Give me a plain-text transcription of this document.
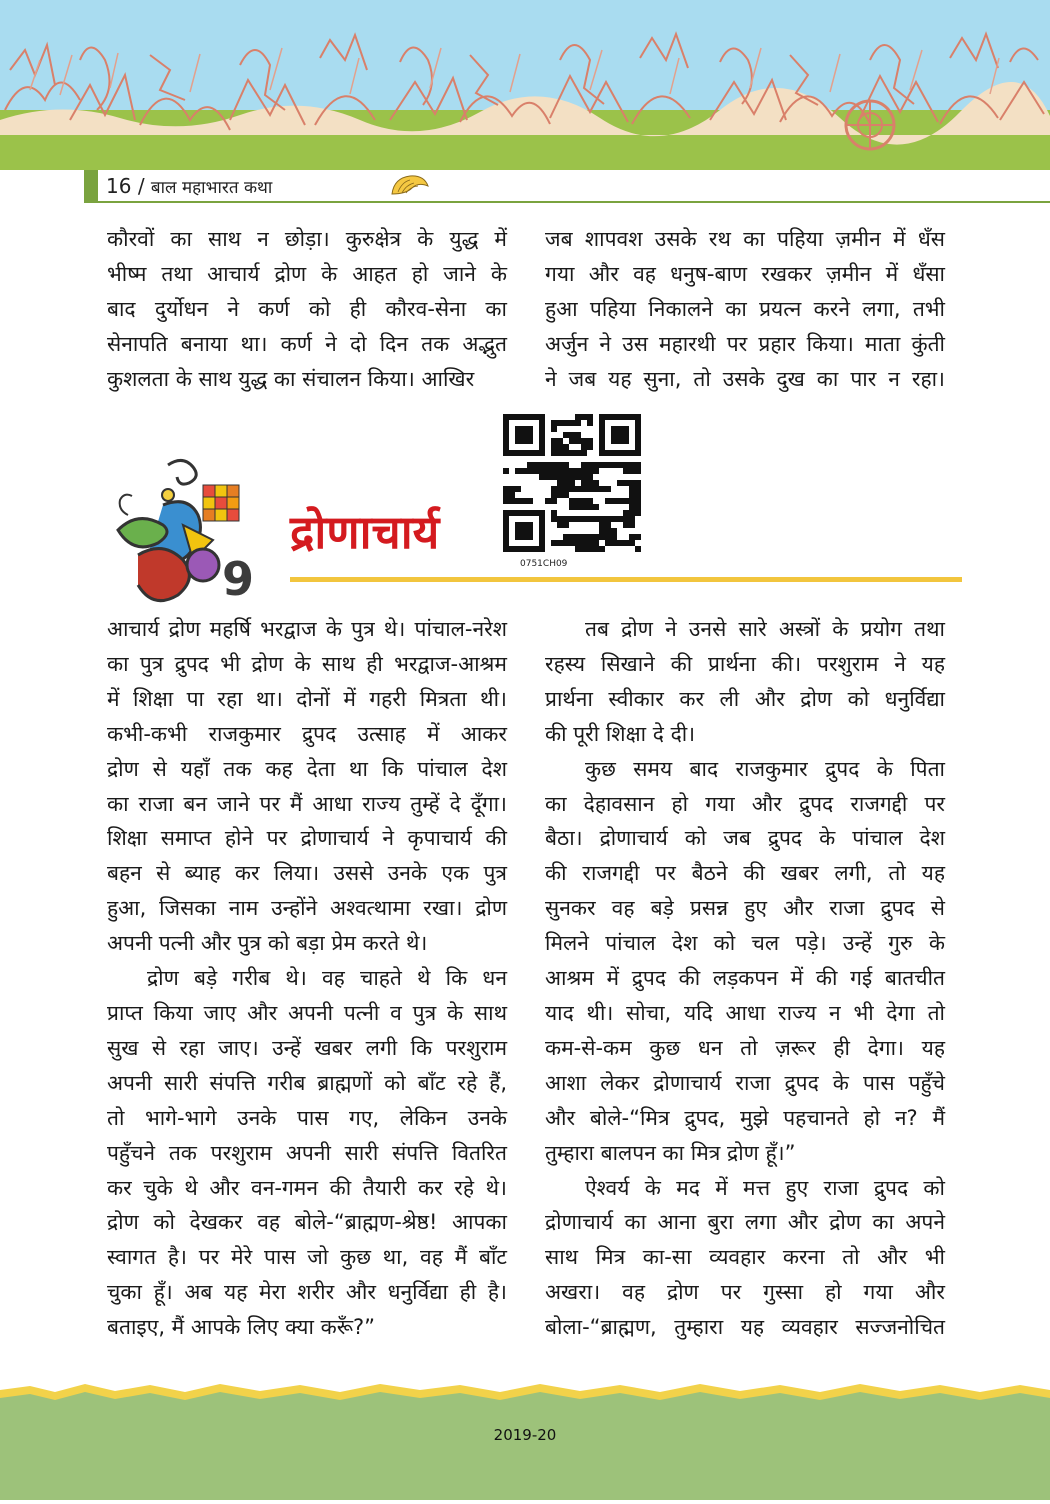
16 / बाल महाभारत कथा

कौरवों का साथ न छोड़ा। कुरुक्षेत्र के युद्ध में

भीष्म तथा आचार्य द्रोण के आहत हो जाने के

बाद दुर्योधन ने कर्ण को ही कौरव-सेना का

सेनापति बनाया था। कर्ण ने दो दिन तक अद्भुत

कुशलता के साथ युद्ध का संचालन किया। आखिर

जब शापवश उसके रथ का पहिया ज़मीन में धँस

गया और वह धनुष-बाण रखकर ज़मीन में धँसा

हुआ पहिया निकालने का प्रयत्न करने लगा, तभी

अर्जुन ने उस महारथी पर प्रहार किया। माता कुंती

ने जब यह सुना, तो उसके दुख का पार न रहा।

9
द्रोणाचार्य
0751CH09

आचार्य द्रोण महर्षि भरद्वाज के पुत्र थे। पांचाल-नरेश

का पुत्र द्रुपद भी द्रोण के साथ ही भरद्वाज-आश्रम

में शिक्षा पा रहा था। दोनों में गहरी मित्रता थी।

कभी-कभी राजकुमार द्रुपद उत्साह में आकर

द्रोण से यहाँ तक कह देता था कि पांचाल देश

का राजा बन जाने पर मैं आधा राज्य तुम्हें दे दूँगा।

शिक्षा समाप्त होने पर द्रोणाचार्य ने कृपाचार्य की

बहन से ब्याह कर लिया। उससे उनके एक पुत्र

हुआ, जिसका नाम उन्होंने अश्वत्थामा रखा। द्रोण

अपनी पत्नी और पुत्र को बड़ा प्रेम करते थे।

द्रोण बड़े गरीब थे। वह चाहते थे कि धन

प्राप्त किया जाए और अपनी पत्नी व पुत्र के साथ

सुख से रहा जाए। उन्हें खबर लगी कि परशुराम

अपनी सारी संपत्ति गरीब ब्राह्मणों को बाँट रहे हैं,

तो भागे-भागे उनके पास गए, लेकिन उनके

पहुँचने तक परशुराम अपनी सारी संपत्ति वितरित

कर चुके थे और वन-गमन की तैयारी कर रहे थे।

द्रोण को देखकर वह बोले-“ब्राह्मण-श्रेष्ठ! आपका

स्वागत है। पर मेरे पास जो कुछ था, वह मैं बाँट

चुका हूँ। अब यह मेरा शरीर और धनुर्विद्या ही है।

बताइए, मैं आपके लिए क्या करूँ?”

तब द्रोण ने उनसे सारे अस्त्रों के प्रयोग तथा

रहस्य सिखाने की प्रार्थना की। परशुराम ने यह

प्रार्थना स्वीकार कर ली और द्रोण को धनुर्विद्या

की पूरी शिक्षा दे दी।

कुछ समय बाद राजकुमार द्रुपद के पिता

का देहावसान हो गया और द्रुपद राजगद्दी पर

बैठा। द्रोणाचार्य को जब द्रुपद के पांचाल देश

की राजगद्दी पर बैठने की खबर लगी, तो यह

सुनकर वह बड़े प्रसन्न हुए और राजा द्रुपद से

मिलने पांचाल देश को चल पड़े। उन्हें गुरु के

आश्रम में द्रुपद की लड़कपन में की गई बातचीत

याद थी। सोचा, यदि आधा राज्य न भी देगा तो

कम-से-कम कुछ धन तो ज़रूर ही देगा। यह

आशा लेकर द्रोणाचार्य राजा द्रुपद के पास पहुँचे

और बोले-“मित्र द्रुपद, मुझे पहचानते हो न? मैं

तुम्हारा बालपन का मित्र द्रोण हूँ।”

ऐश्वर्य के मद में मत्त हुए राजा द्रुपद को

द्रोणाचार्य का आना बुरा लगा और द्रोण का अपने

साथ मित्र का-सा व्यवहार करना तो और भी

अखरा। वह द्रोण पर गुस्सा हो गया और

बोला-“ब्राह्मण, तुम्हारा यह व्यवहार सज्जनोचित

2019-20
